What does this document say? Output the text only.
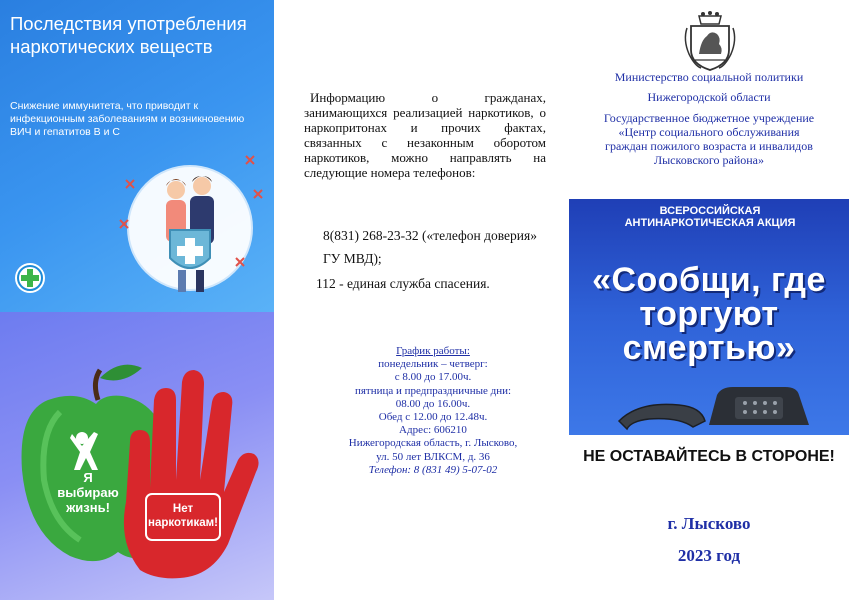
Последствия употребления наркотических веществ
Снижение иммунитета, что приводит к инфекционным заболеваниям и возникновению ВИЧ и гепатитов В и С
Я выбираю жизнь!	Нет наркотикам!
Информацию о гражданах, занимающихся реализацией наркотиков, о наркопритонах и прочих фактах, связанных с незаконным оборотом наркотиков, можно направлять на следующие номера телефонов:
8(831) 268-23-32 («телефон доверия» ГУ МВД);
112 - единая служба спасения.
График работы:
понедельник – четверг:
с 8.00 до 17.00ч.
пятница и предпраздничные дни:
08.00 до 16.00ч.
Обед с 12.00 до 12.48ч.
Адрес: 606210
Нижегородская область, г. Лысково,
ул. 50 лет ВЛКСМ, д. 36
Телефон: 8 (831 49) 5-07-02
Министерство социальной политики
Нижегородской области
Государственное бюджетное учреждение
«Центр социального обслуживания
граждан пожилого возраста и инвалидов
Лысковского района»
ВСЕРОССИЙСКАЯ АНТИНАРКОТИЧЕСКАЯ АКЦИЯ
«Сообщи, где торгуют смертью»
НЕ ОСТАВАЙТЕСЬ В СТОРОНЕ!
г. Лысково
2023 год
